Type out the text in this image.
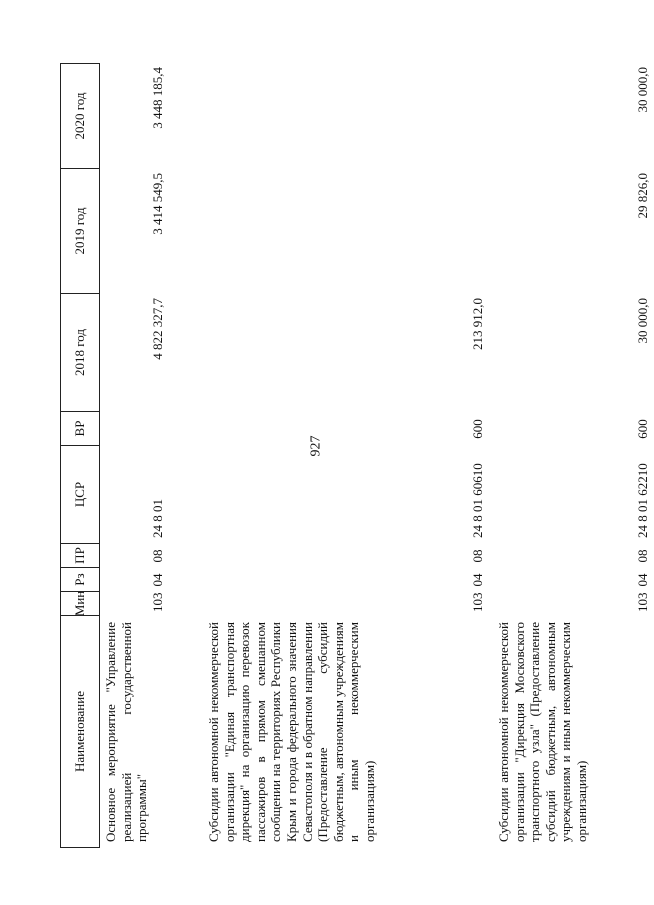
927
Наименование
Мин
Рз
ПР
ЦСР
ВР
2018 год
2019 год
2020 год
Основное мероприятие "Управление реализацией государственной программы"
103
04
08
24 8 01
4 822 327,7
3 414 549,5
3 448 185,4
Субсидии автономной некоммерческой организации "Единая транспортная дирекция" на организацию перевозок пассажиров в прямом смешанном сообщении на территориях Республики Крым и города федерального значения Севастополя и в обратном направлении (Предоставление субсидий бюджетным, автономным учреждениям и иным некоммерческим организациям)
103
04
08
24 8 01 60610
600
213 912,0
Субсидии автономной некоммерческой организации "Дирекция Московского транспортного узла" (Предоставление субсидий бюджетным, автономным учреждениям и иным некоммерческим организациям)
103
04
08
24 8 01 62210
600
30 000,0
29 826,0
30 000,0
